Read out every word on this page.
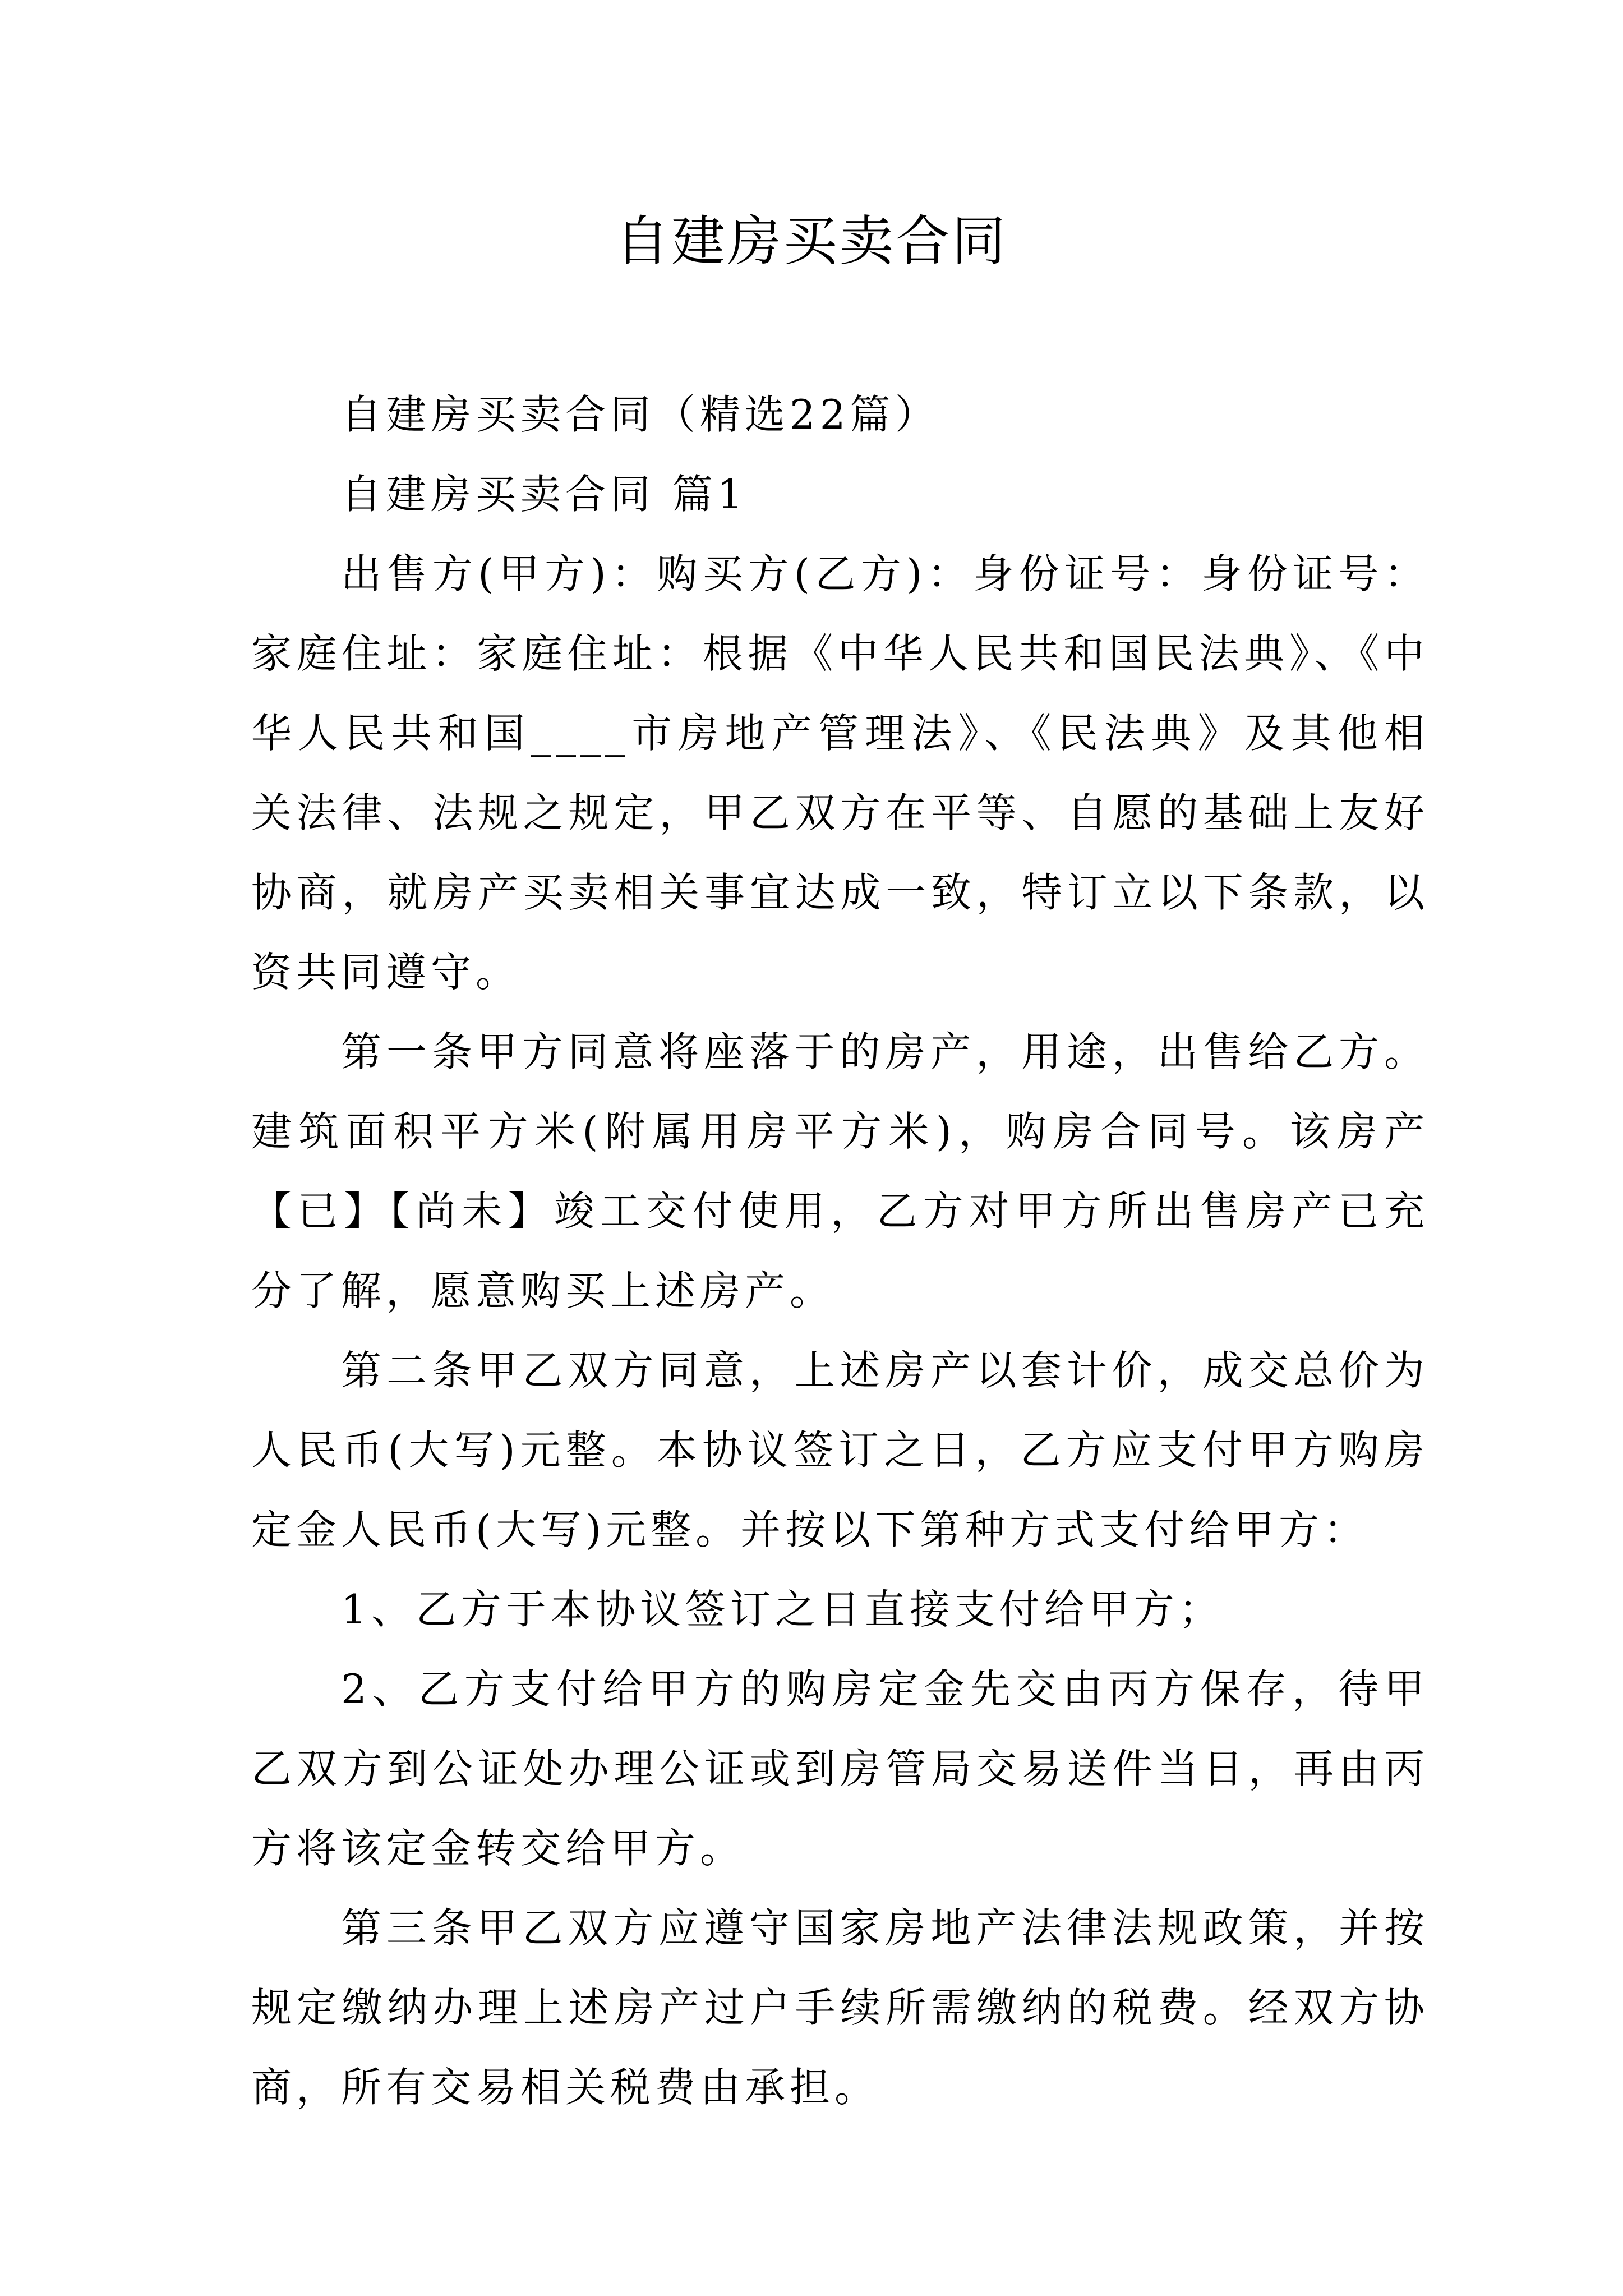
自建房买卖合同

自建房买卖合同（精选22篇）

自建房买卖合同 篇1

出售方(甲方)：购买方(乙方)：身份证号：身份证号：家庭住址：家庭住址：根据《中华人民共和国民法典》、《中华人民共和国____市房地产管理法》、《民法典》及其他相关法律、法规之规定，甲乙双方在平等、自愿的基础上友好协商，就房产买卖相关事宜达成一致，特订立以下条款，以资共同遵守。

第一条甲方同意将座落于的房产，用途，出售给乙方。建筑面积平方米(附属用房平方米)，购房合同号。该房产【已】【尚未】竣工交付使用，乙方对甲方所出售房产已充分了解，愿意购买上述房产。

第二条甲乙双方同意，上述房产以套计价，成交总价为人民币(大写)元整。本协议签订之日，乙方应支付甲方购房定金人民币(大写)元整。并按以下第种方式支付给甲方：

1、乙方于本协议签订之日直接支付给甲方；

2、乙方支付给甲方的购房定金先交由丙方保存，待甲乙双方到公证处办理公证或到房管局交易送件当日，再由丙方将该定金转交给甲方。

第三条甲乙双方应遵守国家房地产法律法规政策，并按规定缴纳办理上述房产过户手续所需缴纳的税费。经双方协商，所有交易相关税费由承担。
